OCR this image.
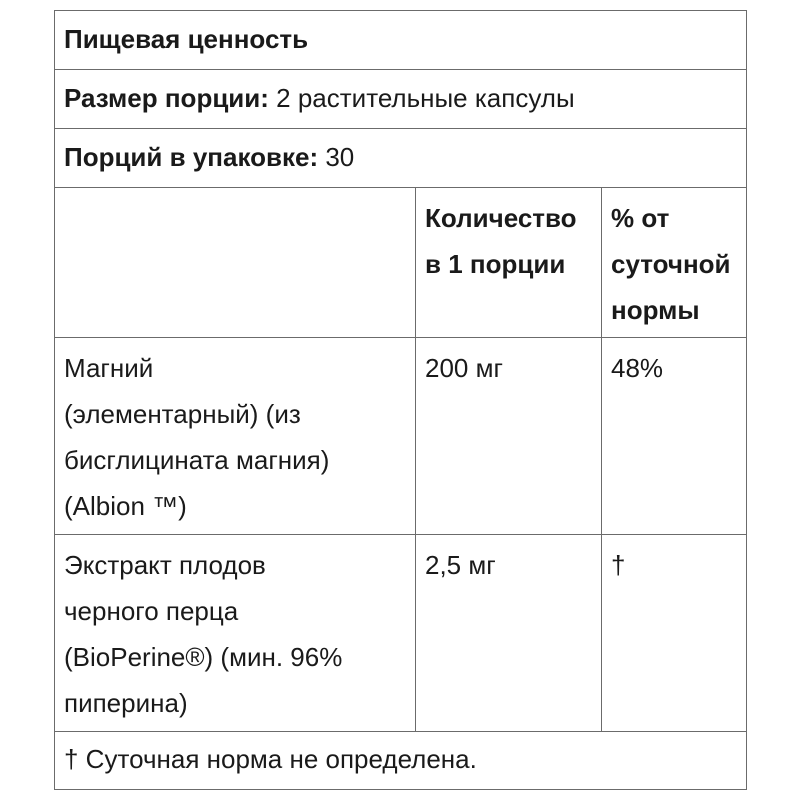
Пищевая ценность
Размер порции: 2 растительные капсулы
Порций в упаковке: 30
Количество
в 1 порции
% от
суточной
нормы
Магний
(элементарный) (из
бисглицината магния)
(Albion ™)
200 мг	48%
Экстракт плодов
черного перца
(BioPerine®) (мин. 96%
пиперина)
2,5 мг	†
† Суточная норма не определена.
